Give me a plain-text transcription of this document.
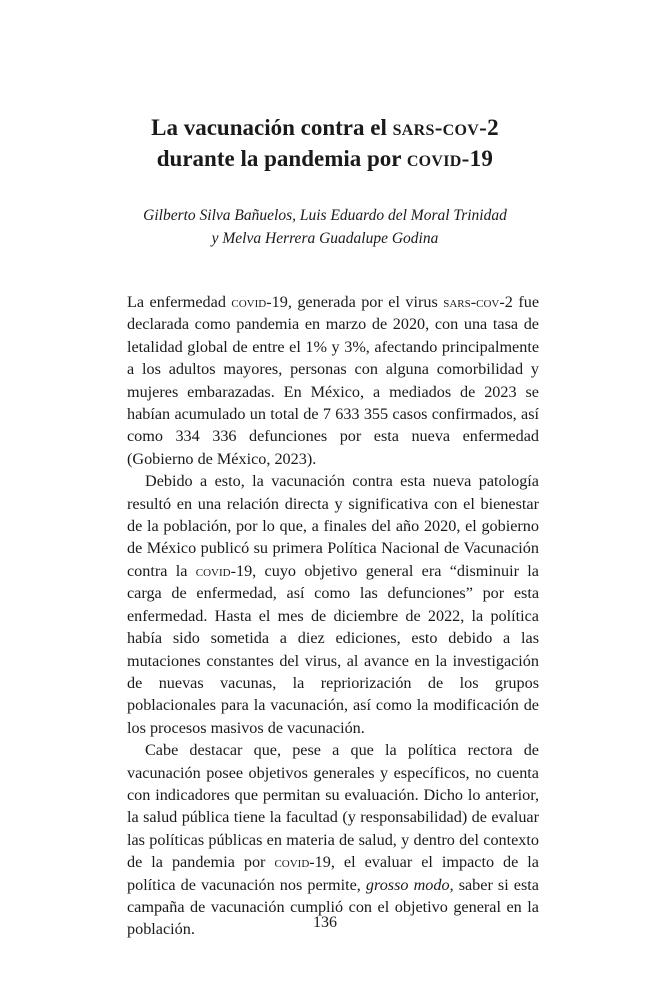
La vacunación contra el sars-cov-2
durante la pandemia por covid-19
Gilberto Silva Bañuelos, Luis Eduardo del Moral Trinidad
y Melva Herrera Guadalupe Godina

La enfermedad covid-19, generada por el virus sars-cov-2 fue declarada como pandemia en marzo de 2020, con una tasa de letalidad global de entre el 1% y 3%, afectando principalmente a los adultos mayores, personas con alguna comorbilidad y mujeres embarazadas. En México, a mediados de 2023 se habían acumulado un total de 7 633 355 casos confirmados, así como 334 336 defunciones por esta nueva enfermedad (Gobierno de México, 2023).

Debido a esto, la vacunación contra esta nueva patología resultó en una relación directa y significativa con el bienestar de la población, por lo que, a finales del año 2020, el gobierno de México publicó su primera Política Nacional de Vacunación contra la covid-19, cuyo objetivo general era “disminuir la carga de enfermedad, así como las defunciones” por esta enfermedad. Hasta el mes de diciembre de 2022, la política había sido sometida a diez ediciones, esto debido a las mutaciones constantes del virus, al avance en la investigación de nuevas vacunas, la repriorización de los grupos poblacionales para la vacunación, así como la modificación de los procesos masivos de vacunación.

Cabe destacar que, pese a que la política rectora de vacunación posee objetivos generales y específicos, no cuenta con indicadores que permitan su evaluación. Dicho lo anterior, la salud pública tiene la facultad (y responsabilidad) de evaluar las políticas públicas en materia de salud, y dentro del contexto de la pandemia por covid-19, el evaluar el impacto de la política de vacunación nos permite, grosso modo, saber si esta campaña de vacunación cumplió con el objetivo general en la población.	136
